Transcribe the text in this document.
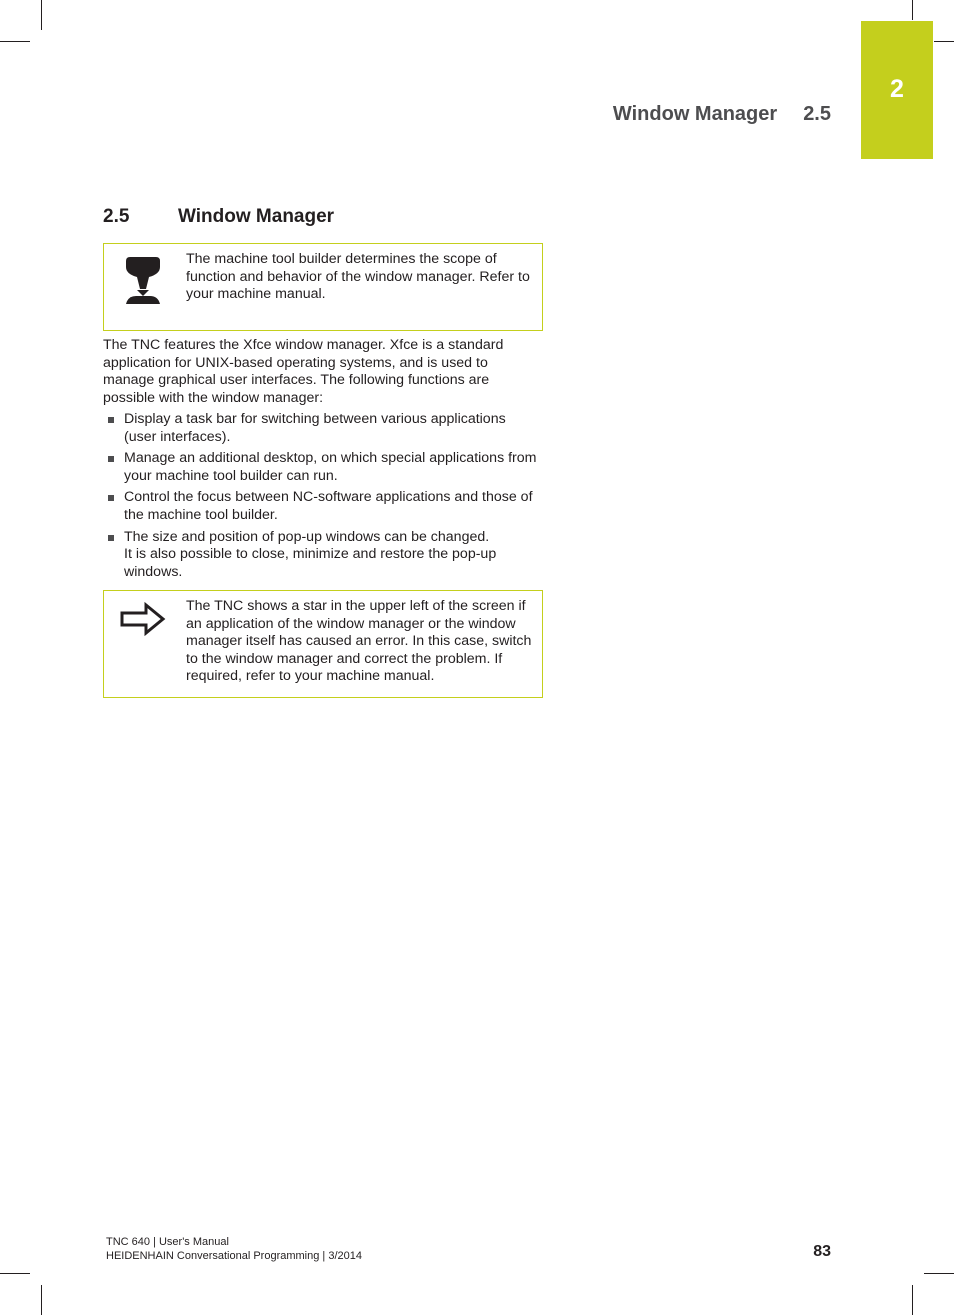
2
Window Manager 2.5
2.5	Window Manager
The machine tool builder determines the scope of function and behavior of the window manager. Refer to your machine manual.

The TNC features the Xfce window manager. Xfce is a standard application for UNIX-based operating systems, and is used to manage graphical user interfaces. The following functions are possible with the window manager:

Display a task bar for switching between various applications (user interfaces).
Manage an additional desktop, on which special applications from your machine tool builder can run.
Control the focus between NC-software applications and those of the machine tool builder.
The size and position of pop-up windows can be changed.
It is also possible to close, minimize and restore the pop-up windows.
The TNC shows a star in the upper left of the screen if an application of the window manager or the window manager itself has caused an error. In this case, switch to the window manager and correct the problem. If required, refer to your machine manual.
TNC 640 | User's Manual
HEIDENHAIN Conversational Programming | 3/2014	83
